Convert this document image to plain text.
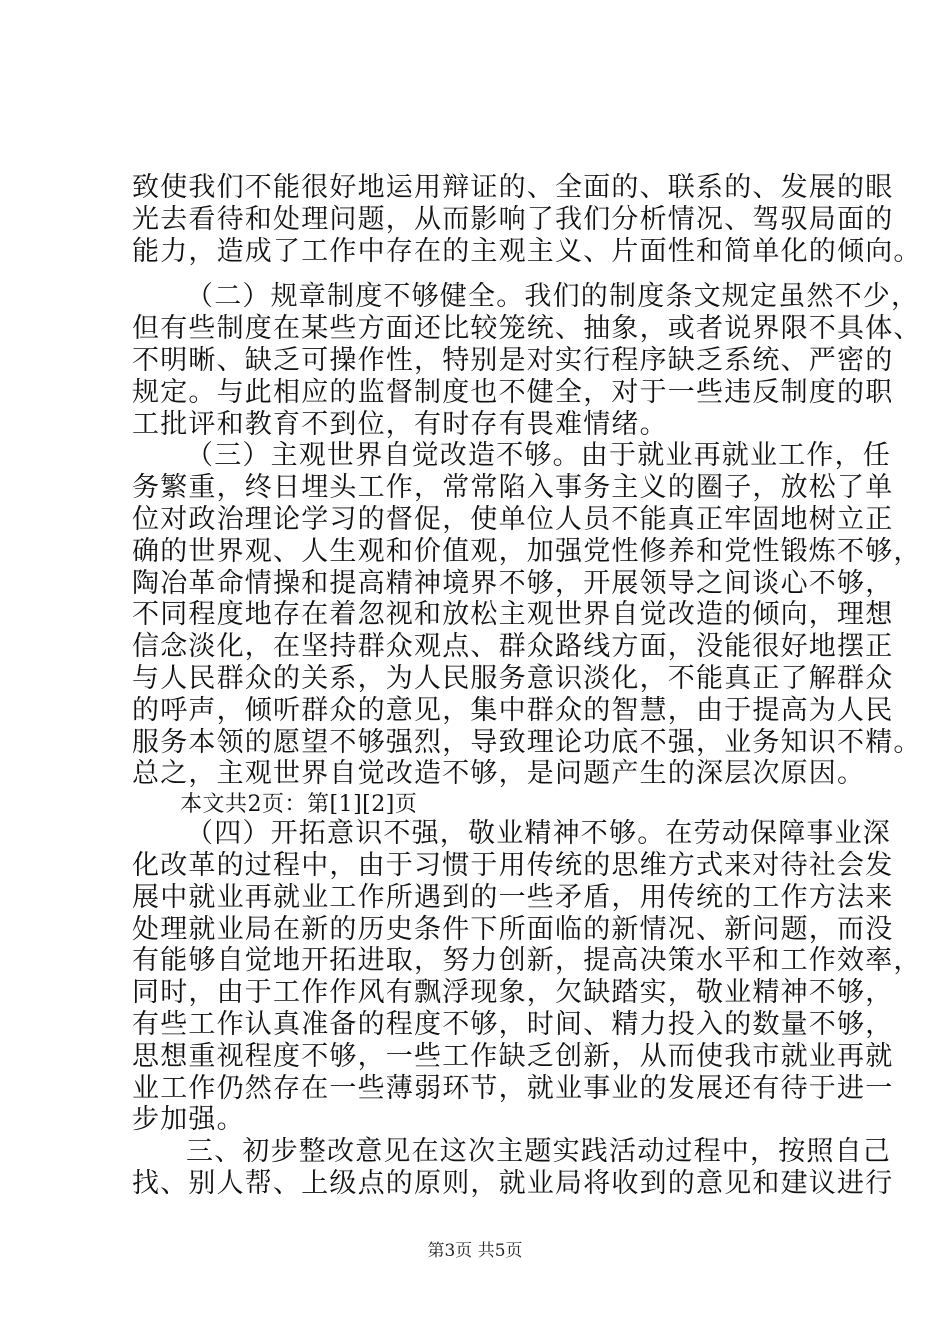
致使我们不能很好地运用辩证的、全面的、联系的、发展的眼
光去看待和处理问题，从而影响了我们分析情况、驾驭局面的
能力，造成了工作中存在的主观主义、片面性和简单化的倾向。
（二）规章制度不够健全。我们的制度条文规定虽然不少，
但有些制度在某些方面还比较笼统、抽象，或者说界限不具体、
不明晰、缺乏可操作性，特别是对实行程序缺乏系统、严密的
规定。与此相应的监督制度也不健全，对于一些违反制度的职
工批评和教育不到位，有时存有畏难情绪。
（三）主观世界自觉改造不够。由于就业再就业工作，任
务繁重，终日埋头工作，常常陷入事务主义的圈子，放松了单
位对政治理论学习的督促，使单位人员不能真正牢固地树立正
确的世界观、人生观和价值观，加强党性修养和党性锻炼不够，
陶冶革命情操和提高精神境界不够，开展领导之间谈心不够，
不同程度地存在着忽视和放松主观世界自觉改造的倾向，理想
信念淡化，在坚持群众观点、群众路线方面，没能很好地摆正
与人民群众的关系，为人民服务意识淡化，不能真正了解群众
的呼声，倾听群众的意见，集中群众的智慧，由于提高为人民
服务本领的愿望不够强烈，导致理论功底不强，业务知识不精。
总之，主观世界自觉改造不够，是问题产生的深层次原因。
本文共2页：第[1][2]页
（四）开拓意识不强，敬业精神不够。在劳动保障事业深
化改革的过程中，由于习惯于用传统的思维方式来对待社会发
展中就业再就业工作所遇到的一些矛盾，用传统的工作方法来
处理就业局在新的历史条件下所面临的新情况、新问题，而没
有能够自觉地开拓进取，努力创新，提高决策水平和工作效率，
同时，由于工作作风有飘浮现象，欠缺踏实，敬业精神不够，
有些工作认真准备的程度不够，时间、精力投入的数量不够，
思想重视程度不够，一些工作缺乏创新，从而使我市就业再就
业工作仍然存在一些薄弱环节，就业事业的发展还有待于进一
步加强。
三、初步整改意见在这次主题实践活动过程中，按照自己
找、别人帮、上级点的原则，就业局将收到的意见和建议进行
第3页 共5页
